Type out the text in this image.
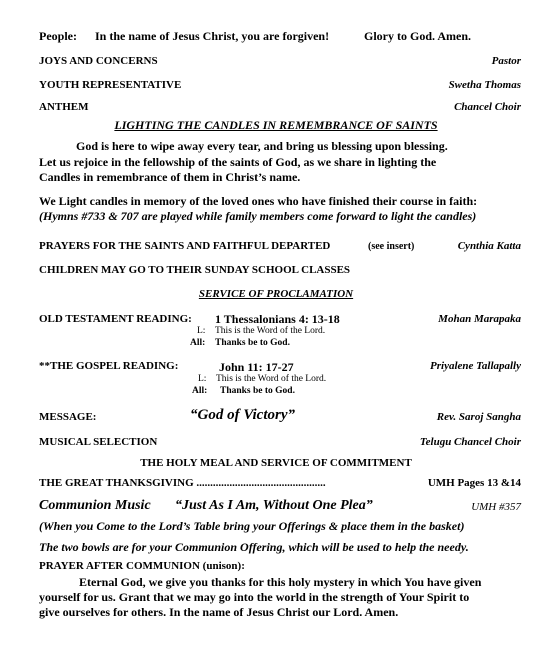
People: In the name of Jesus Christ, you are forgiven!	Glory to God. Amen.
JOYS AND CONCERNS	Pastor
YOUTH REPRESENTATIVE	Swetha Thomas
ANTHEM	Chancel Choir
LIGHTING THE CANDLES IN REMEMBRANCE OF SAINTS
God is here to wipe away every tear, and bring us blessing upon blessing.
Let us rejoice in the fellowship of the saints of God, as we share in lighting the
Candles in remembrance of them in Christ’s name.
We Light candles in memory of the loved ones who have finished their course in faith:
(Hymns #733 & 707 are played while family members come forward to light the candles)
PRAYERS FOR THE SAINTS AND FAITHFUL DEPARTED	(see insert)	Cynthia Katta
CHILDREN MAY GO TO THEIR SUNDAY SCHOOL CLASSES
SERVICE OF PROCLAMATION
OLD TESTAMENT READING: 1 Thessalonians 4: 13-18	Mohan Marapaka
L: This is the Word of the Lord.
All: Thanks be to God.
**THE GOSPEL READING:	John 11: 17-27	Priyalene Tallapally
L: This is the Word of the Lord.
All: Thanks be to God.
MESSAGE:	“God of Victory”	Rev. Saroj Sangha
MUSICAL SELECTION	Telugu Chancel Choir
THE HOLY MEAL AND SERVICE OF COMMITMENT
THE GREAT THANKSGIVING ...............................................	UMH Pages 13 &14
Communion Music “Just As I Am, Without One Plea”	UMH #357
(When you Come to the Lord’s Table bring your Offerings & place them in the basket)
The two bowls are for your Communion Offering, which will be used to help the needy.
PRAYER AFTER COMMUNION (unison):
Eternal God, we give you thanks for this holy mystery in which You have given
yourself for us. Grant that we may go into the world in the strength of Your Spirit to
give ourselves for others. In the name of Jesus Christ our Lord. Amen.
